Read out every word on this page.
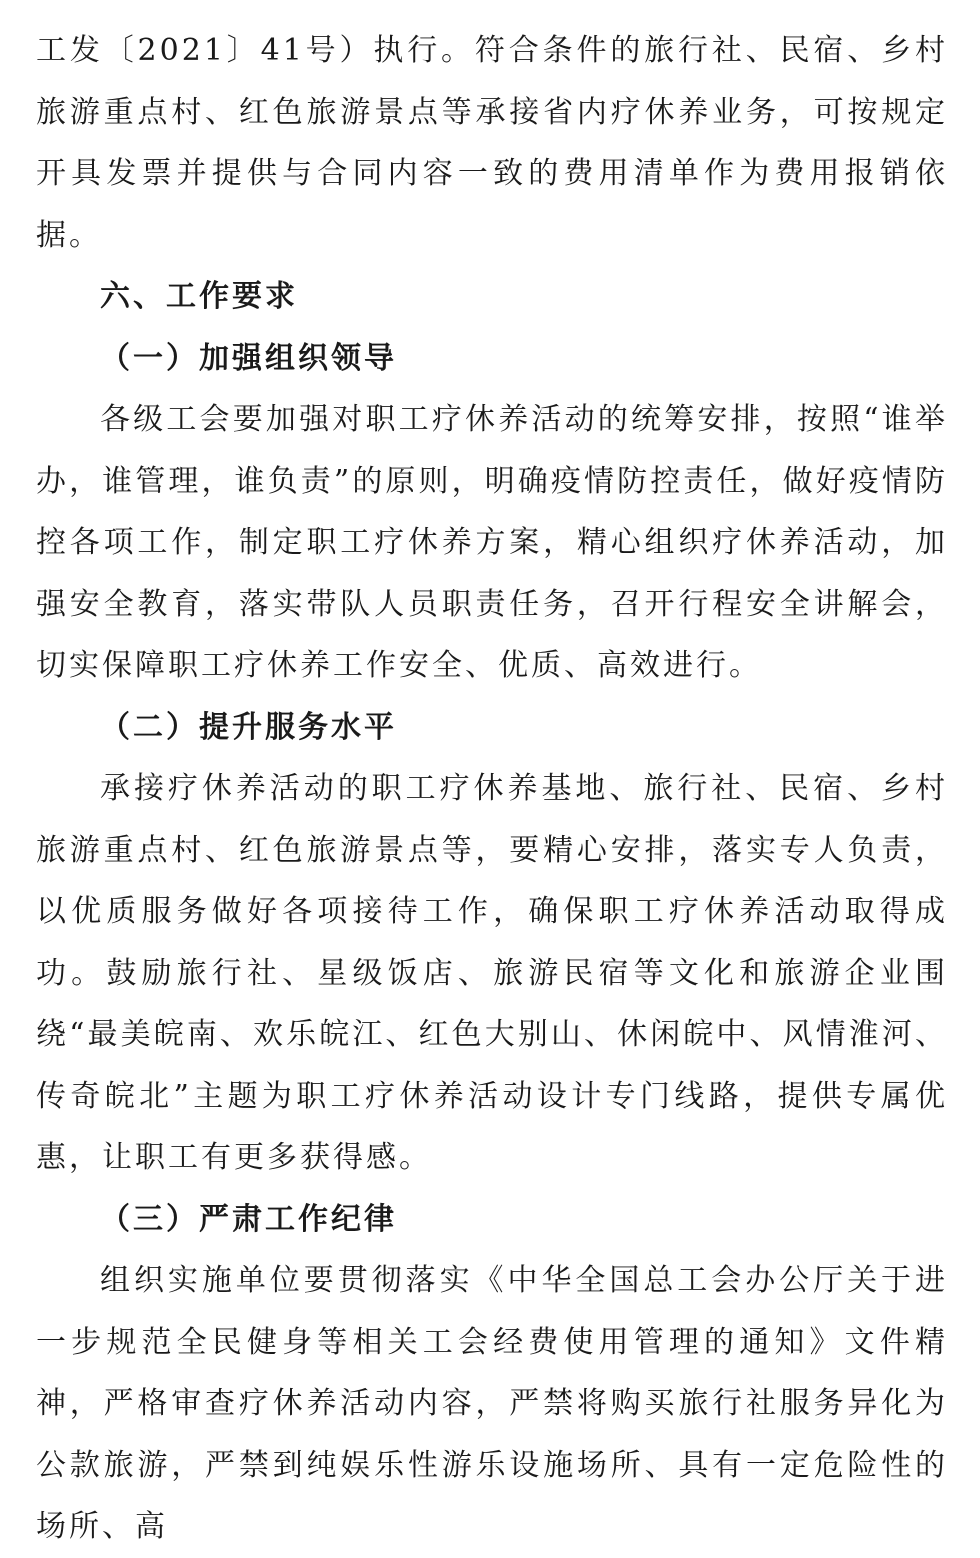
工发〔2021〕41号）执行。符合条件的旅行社、民宿、乡村旅游重点村、红色旅游景点等承接省内疗休养业务，可按规定开具发票并提供与合同内容一致的费用清单作为费用报销依据。

六、工作要求
（一）加强组织领导

各级工会要加强对职工疗休养活动的统筹安排，按照“谁举办，谁管理，谁负责”的原则，明确疫情防控责任，做好疫情防控各项工作，制定职工疗休养方案，精心组织疗休养活动，加强安全教育，落实带队人员职责任务，召开行程安全讲解会，切实保障职工疗休养工作安全、优质、高效进行。

（二）提升服务水平

承接疗休养活动的职工疗休养基地、旅行社、民宿、乡村旅游重点村、红色旅游景点等，要精心安排，落实专人负责，以优质服务做好各项接待工作，确保职工疗休养活动取得成功。鼓励旅行社、星级饭店、旅游民宿等文化和旅游企业围绕“最美皖南、欢乐皖江、红色大别山、休闲皖中、风情淮河、传奇皖北”主题为职工疗休养活动设计专门线路，提供专属优惠，让职工有更多获得感。

（三）严肃工作纪律

组织实施单位要贯彻落实《中华全国总工会办公厅关于进一步规范全民健身等相关工会经费使用管理的通知》文件精神，严格审查疗休养活动内容，严禁将购买旅行社服务异化为公款旅游，严禁到纯娱乐性游乐设施场所、具有一定危险性的场所、高
